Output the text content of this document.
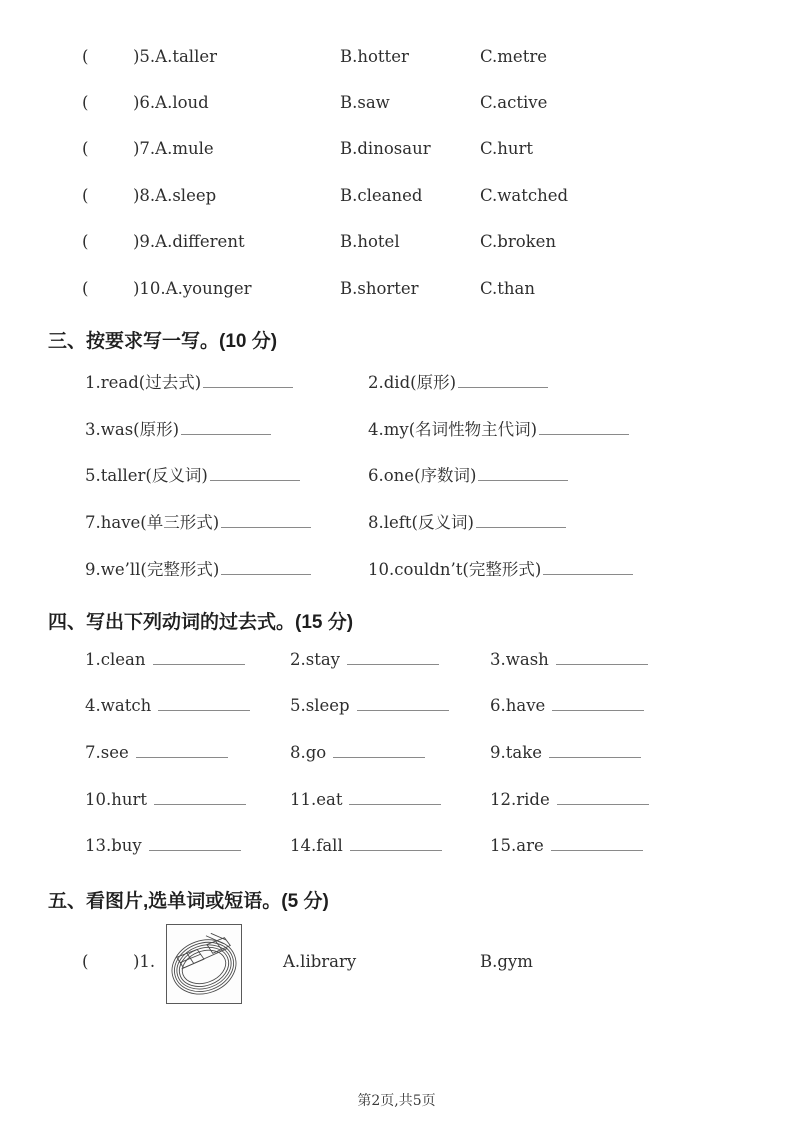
(	)5.A.taller	B.hotter	C.metre
(	)6.A.loud	B.saw	C.active
(	)7.A.mule	B.dinosaur	C.hurt
(	)8.A.sleep	B.cleaned	C.watched
(	)9.A.different	B.hotel	C.broken
(	)10.A.younger	B.shorter	C.than
三、按要求写一写。(10 分)
1.read(过去式)	2.did(原形)
3.was(原形)	4.my(名词性物主代词)
5.taller(反义词)	6.one(序数词)
7.have(单三形式)	8.left(反义词)
9.we’ll(完整形式)	10.couldn’t(完整形式)
四、写出下列动词的过去式。(15 分)
1.clean	2.stay	3.wash
4.watch	5.sleep	6.have
7.see	8.go	9.take
10.hurt	11.eat	12.ride
13.buy	14.fall	15.are
五、看图片,选单词或短语。(5 分)
(	)1.	A.library	B.gym
第2页,共5页
